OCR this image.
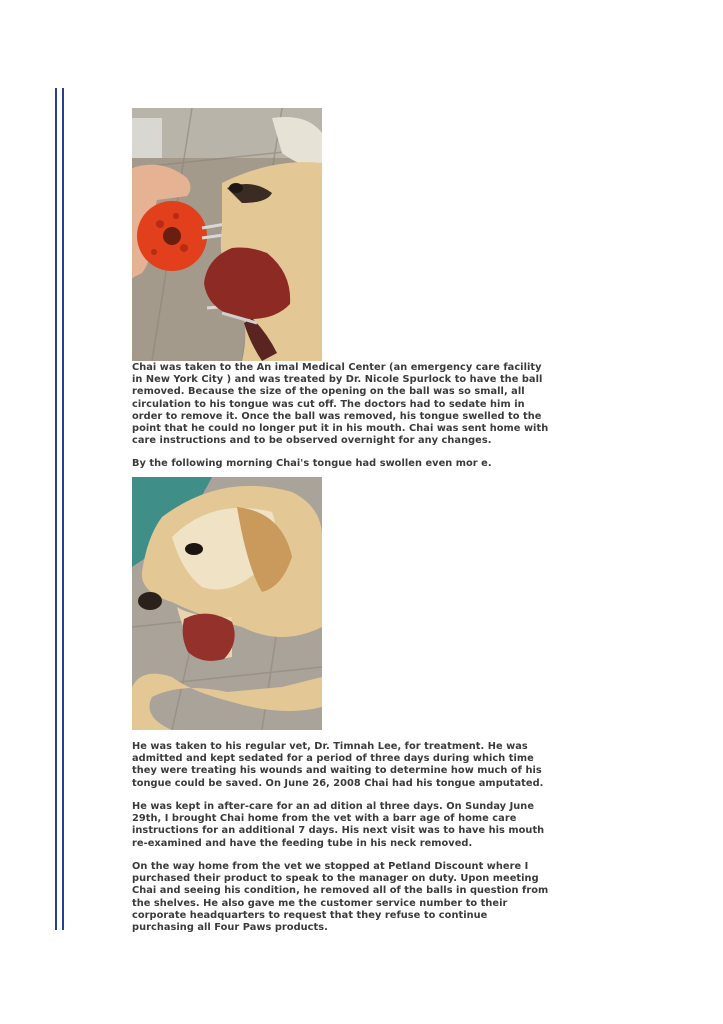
Chai was taken to the An imal Medical Center (an emergency care facility in New York City ) and was treated by Dr. Nicole Spurlock to have the ball removed. Because the size of the opening on the ball was so small, all circulation to his tongue was cut off. The doctors had to sedate him in order to remove it. Once the ball was removed, his tongue swelled to the point that he could no longer put it in his mouth. Chai was sent home with care instructions and to be observed overnight for any changes.

By the following morning Chai's tongue had swollen even mor e.

He was taken to his regular vet, Dr. Timnah Lee, for treatment. He was admitted and kept sedated for a period of three days during which time they were treating his wounds and waiting to determine how much of his tongue could be saved. On June 26, 2008 Chai had his tongue amputated.

He was kept in after-care for an ad dition al three days. On Sunday June 29th, I brought Chai home from the vet with a barr age of home care instructions for an additional 7 days. His next visit was to have his mouth re-examined and have the feeding tube in his neck removed.

On the way home from the vet we stopped at Petland Discount where I purchased their product to speak to the manager on duty. Upon meeting Chai and seeing his condition, he removed all of the balls in question from the shelves. He also gave me the customer service number to their corporate headquarters to request that they refuse to continue purchasing all Four Paws products.
